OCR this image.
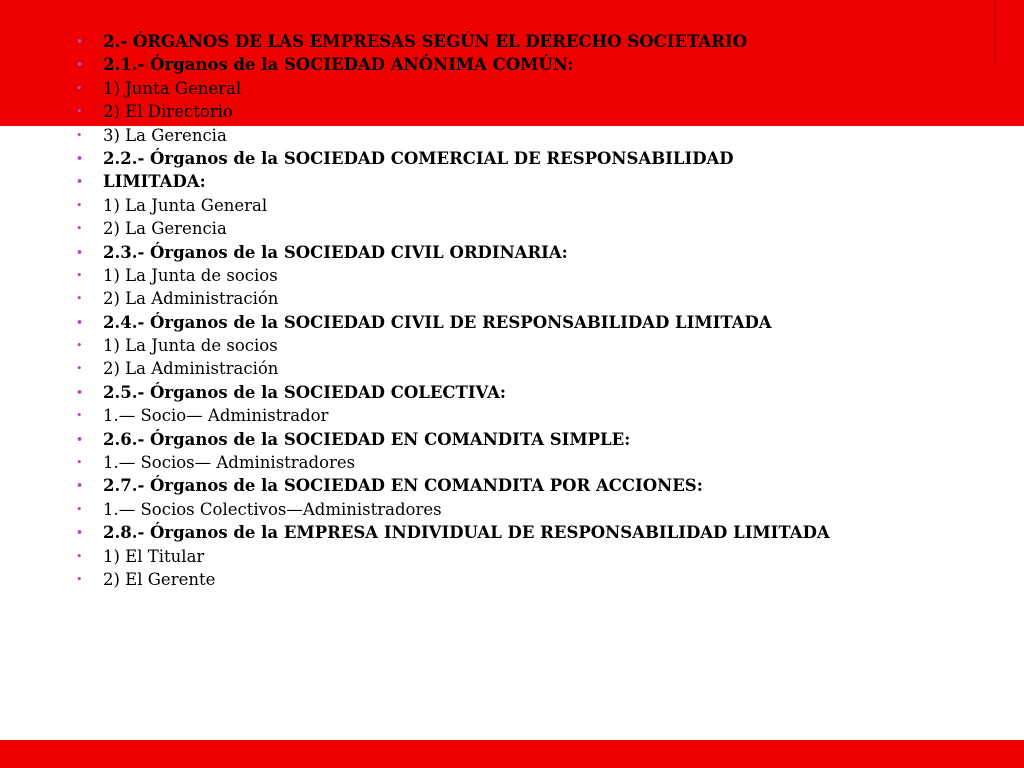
• 2.- ÓRGANOS DE LAS EMPRESAS SEGÚN EL DERECHO SOCIETARIO
• 2.1.- Órganos de la SOCIEDAD ANÓNIMA COMÚN:
• 1) Junta General
• 2) El Directorio
• 3) La Gerencia
• 2.2.- Órganos de la SOCIEDAD COMERCIAL DE RESPONSABILIDAD
• LIMITADA:
• 1) La Junta General
• 2) La Gerencia
• 2.3.- Órganos de la SOCIEDAD CIVIL ORDINARIA:
• 1) La Junta de socios
• 2) La Administración
• 2.4.- Órganos de la SOCIEDAD CIVIL DE RESPONSABILIDAD LIMITADA
• 1) La Junta de socios
• 2) La Administración
• 2.5.- Órganos de la SOCIEDAD COLECTIVA:
• 1.— Socio— Administrador
• 2.6.- Órganos de la SOCIEDAD EN COMANDITA SIMPLE:
• 1.— Socios— Administradores
• 2.7.- Órganos de la SOCIEDAD EN COMANDITA POR ACCIONES:
• 1.— Socios Colectivos—Administradores
• 2.8.- Órganos de la EMPRESA INDIVIDUAL DE RESPONSABILIDAD LIMITADA
• 1) El Titular
• 2) El Gerente
